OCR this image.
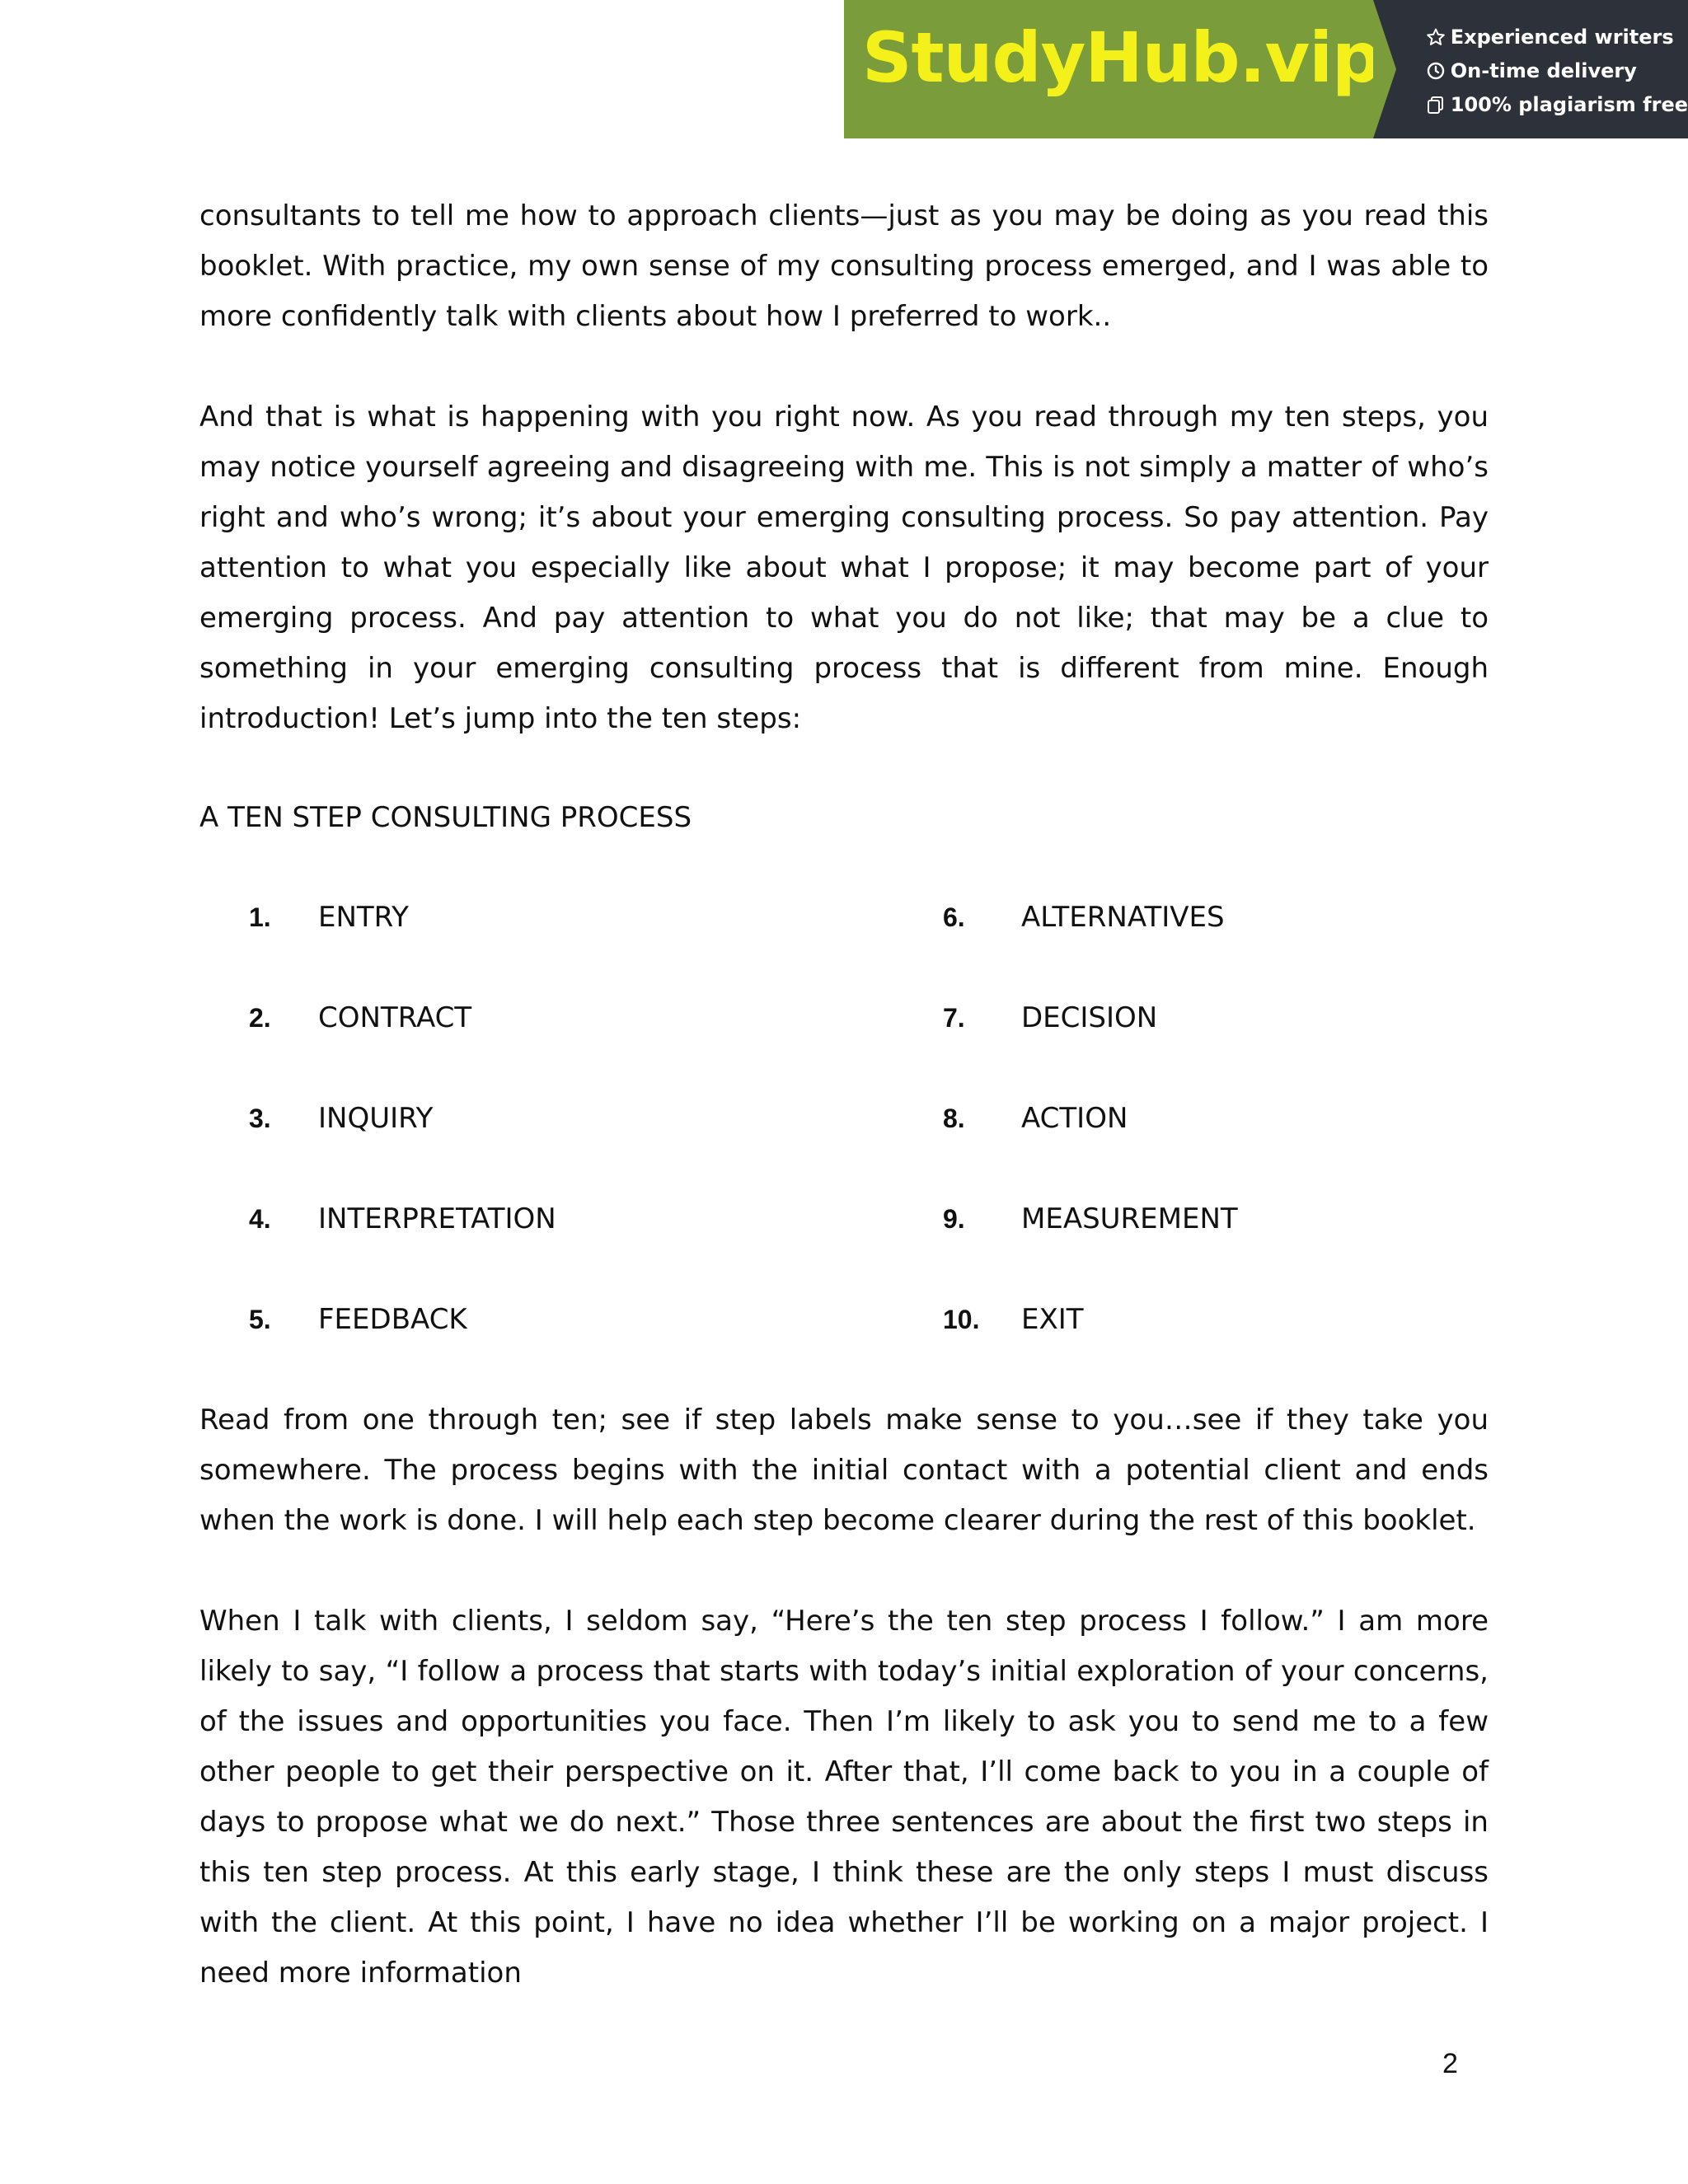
StudyHub.vip	Experienced writers
On-time delivery
100% plagiarism free

consultants to tell me how to approach clients—just as you may be doing as you read this booklet. With practice, my own sense of my consulting process emerged, and I was able to more confidently talk with clients about how I preferred to work..

And that is what is happening with you right now. As you read through my ten steps, you may notice yourself agreeing and disagreeing with me. This is not simply a matter of who’s right and who’s wrong; it’s about your emerging consulting process. So pay attention. Pay attention to what you especially like about what I propose; it may become part of your emerging process. And pay attention to what you do not like; that may be a clue to something in your emerging consulting process that is different from mine. Enough introduction! Let’s jump into the ten steps:

A TEN STEP CONSULTING PROCESS

1.	ENTRY
2.	CONTRACT
3.	INQUIRY
4.	INTERPRETATION
5.	FEEDBACK
6.	ALTERNATIVES
7.	DECISION
8.	ACTION
9.	MEASUREMENT
10.	EXIT

Read from one through ten; see if step labels make sense to you…see if they take you somewhere. The process begins with the initial contact with a potential client and ends when the work is done. I will help each step become clearer during the rest of this booklet.

When I talk with clients, I seldom say, “Here’s the ten step process I follow.” I am more likely to say, “I follow a process that starts with today’s initial exploration of your concerns, of the issues and opportunities you face. Then I’m likely to ask you to send me to a few other people to get their perspective on it. After that, I’ll come back to you in a couple of days to propose what we do next.” Those three sentences are about the first two steps in this ten step process. At this early stage, I think these are the only steps I must discuss with the client. At this point, I have no idea whether I’ll be working on a major project. I need more information

2
